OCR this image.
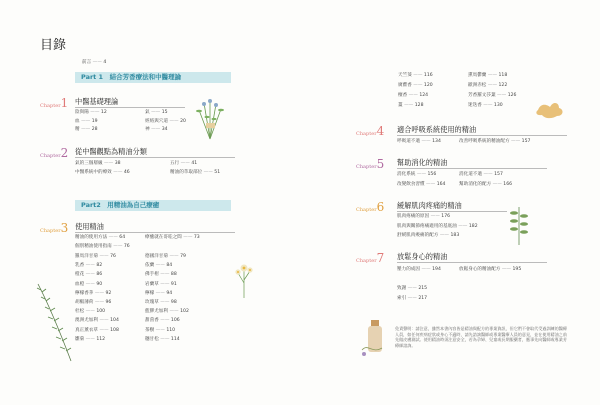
目錄
免責聲明：請注意，雖然本書內容皆是精油與配方的專業資訊，但它們不會取代受過訓練的醫療人員，如任何疾病症狀或身心不適時，請先諮詢醫師或專業醫療人員的意見，並在使用精油之前先做皮膚測試。使用精油時須注意安全，若為孕婦、兒童或長期服藥者，應事先向醫師或專業芳療師諮詢。
前言 —— 4
Part 1　結合芳香療法和中醫理論
Chapter1 中醫基礎理論
陰與陽 —— 12	氣 —— 15
血 —— 19	經絡與穴道 —— 20
精 —— 28	神 —— 34
Chapter2 從中醫觀點為精油分類
氣的三個層級 —— 38	五行 —— 41
中醫系統中的療效 —— 46	精油的萃取部位 —— 51
Part2　用精油為自己療癒
Chapter3 使用精油
精油的使用方法 —— 64	療癒就在哥哇之間 —— 73
個別精油使用指南 —— 76
羅馬洋甘菊 —— 76	德國洋甘菊 —— 79
乳香 —— 82	依蘭 —— 84
橙花 —— 86	佛手柑 —— 88
血橙 —— 90	岩蘭草 —— 91
檸檬香茅 —— 92	檸檬 —— 94
胡椒薄荷 —— 96	玫瑰草 —— 98
杜松 —— 100	藍膠尤加利 —— 102
澳洲尤加利 —— 104	甜茴香 —— 106
真正薰衣草 —— 108	茶樹 —— 110
雛菊 —— 112	穗甘松 —— 114
天竺葵 —— 116	熏馬鬱蘭 —— 118
廣藿香 —— 120	歐洲赤松 —— 122
檀香 —— 124	芳香羅文莎葉 —— 126
薑 —— 128	迷迭香 —— 130
Chapter4 適合呼吸系統使用的精油
呼吸道不適 —— 134	改善呼吸系統的精油配方 —— 157
Chapter5 幫助消化的精油
消化系統 —— 156	消化道不適 —— 157
改變飲食習慣 —— 164	幫助消化的配方 —— 166
Chapter6 緩解肌肉疼痛的精油
肌肉疼痛的原因 —— 176
肌肉與關節疼痛適用的基底油 —— 182
舒緩肌肉痠痛的配方 —— 183
Chapter7 放鬆身心的精油
壓力的成因 —— 194	放鬆身心的精油配方 —— 195
致謝 —— 215
索引 —— 217
